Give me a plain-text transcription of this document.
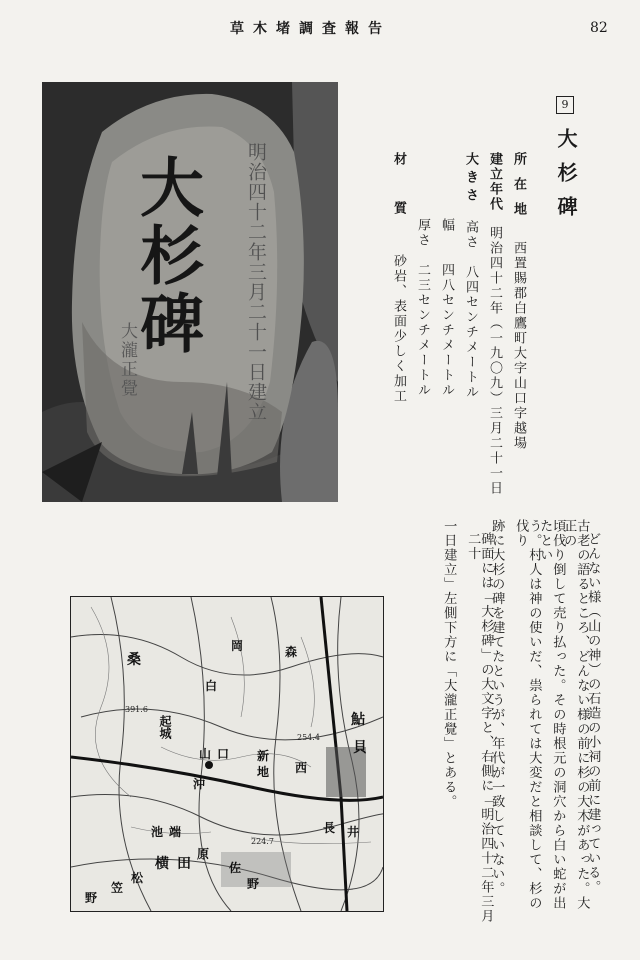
草木堵調査報告	82
大杉碑 明治四十二年三月二十一日建立
大瀧正覺
9
大杉碑
所在地西置賜郡白鷹町大字山口字越場
建立年代明治四十二年（一九〇九）三月二十一日
大きさ高さ　八四センチメートル
幅　　四八センチメートル
厚さ　二三センチメートル
材質砂岩、表面少しく加工
どんない様（山の神）の石造の小祠の前に建っている。
古老の語るところ、どんない様の前に杉の大木があった。大正の
頃伐り倒して売り払った。その時根元の洞穴から白い蛇が出たとい
う。村人は神の使いだ、祟られては大変だと相談して、杉の伐り
跡に大杉の碑を建てたというが、年代が一致していない。
碑面には「大杉碑」の大文字と、右側に「明治四十二年三月二十
一日建立」左側下方に「大瀧正覺」とある。
岡	森
白
鮎
貝
桑
山 口
沖
新
地 西
長 井
横 田	佐
野
原
松
笠
端
池
野
起城
391.6
254.4
224.7
